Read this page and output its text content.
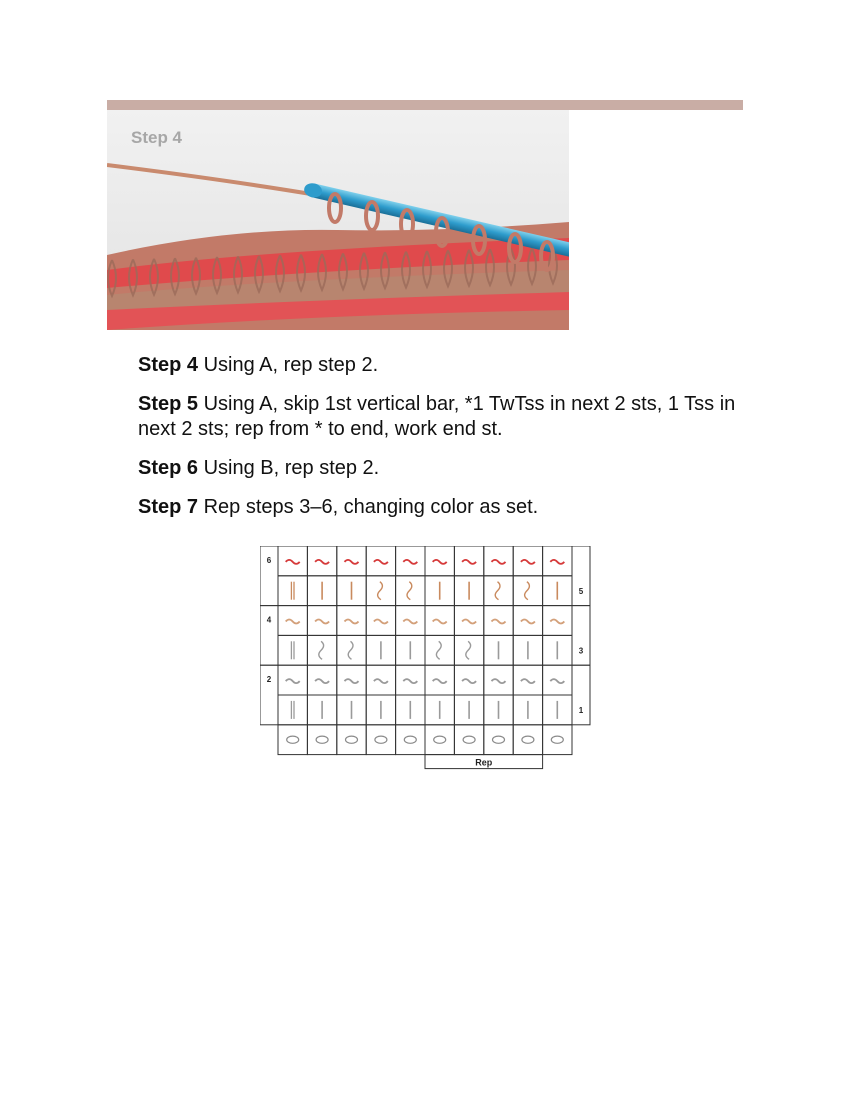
Step 4

Step 4 Using A, rep step 2.

Step 5 Using A, skip 1st vertical bar, *1 TwTss in next 2 sts, 1 Tss in next 2 sts; rep from * to end, work end st.

Step 6 Using B, rep step 2.

Step 7 Rep steps 3–6, changing color as set.

6
4
2
5
3
1
Rep
